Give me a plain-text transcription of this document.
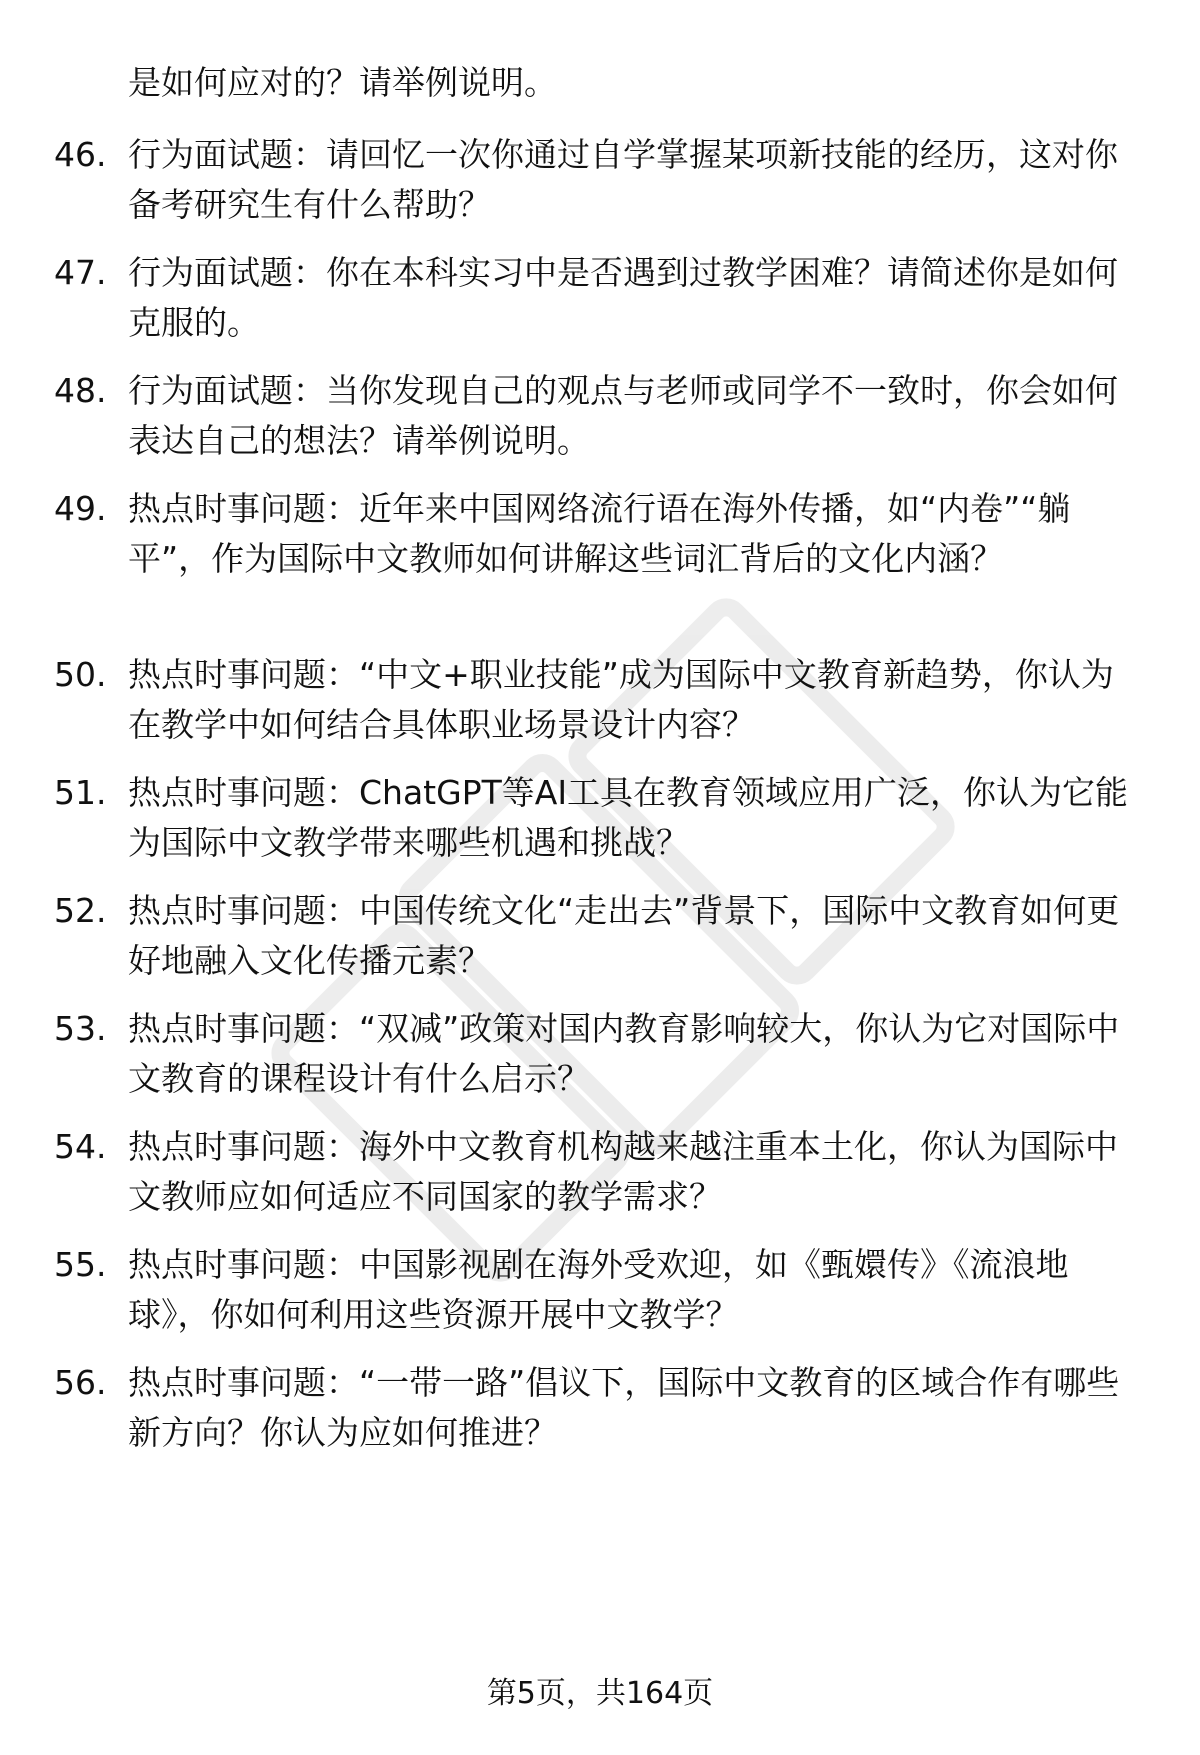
是如何应对的？请举例说明。

46. 行为面试题：请回忆一次你通过自学掌握某项新技能的经历，这对你备考研究生有什么帮助？

47. 行为面试题：你在本科实习中是否遇到过教学困难？请简述你是如何克服的。

48. 行为面试题：当你发现自己的观点与老师或同学不一致时，你会如何表达自己的想法？请举例说明。

49. 热点时事问题：近年来中国网络流行语在海外传播，如“内卷”“躺平”，作为国际中文教师如何讲解这些词汇背后的文化内涵？

50. 热点时事问题：“中文+职业技能”成为国际中文教育新趋势，你认为在教学中如何结合具体职业场景设计内容？

51. 热点时事问题：ChatGPT等AI工具在教育领域应用广泛，你认为它能为国际中文教学带来哪些机遇和挑战？

52. 热点时事问题：中国传统文化“走出去”背景下，国际中文教育如何更好地融入文化传播元素？

53. 热点时事问题：“双减”政策对国内教育影响较大，你认为它对国际中文教育的课程设计有什么启示？

54. 热点时事问题：海外中文教育机构越来越注重本土化，你认为国际中文教师应如何适应不同国家的教学需求？

55. 热点时事问题：中国影视剧在海外受欢迎，如《甄嬛传》《流浪地球》，你如何利用这些资源开展中文教学？

56. 热点时事问题：“一带一路”倡议下，国际中文教育的区域合作有哪些新方向？你认为应如何推进？

第5页，共164页
